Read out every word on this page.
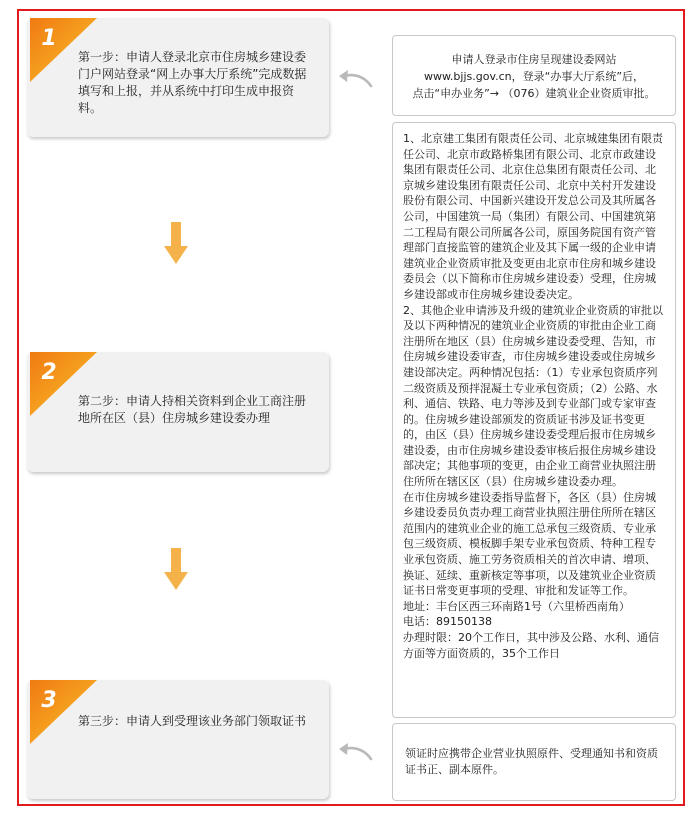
1
第一步：申请人登录北京市住房城乡建设委门户网站登录“网上办事大厅系统”完成数据填写和上报，并从系统中打印生成申报资料。
2
第二步：申请人持相关资料到企业工商注册地所在区（县）住房城乡建设委办理
3
第三步：申请人到受理该业务部门领取证书
申请人登录市住房呈现建设委网站
www.bjjs.gov.cn，登录“办事大厅系统”后，
点击“申办业务”→ （076）建筑业企业资质审批。

1、北京建工集团有限责任公司、北京城建集团有限责任公司、北京市政路桥集团有限公司、北京市政建设集团有限责任公司、北京住总集团有限责任公司、北京城乡建设集团有限责任公司、北京中关村开发建设股份有限公司、中国新兴建设开发总公司及其所属各公司，中国建筑一局（集团）有限公司、中国建筑第二工程局有限公司所属各公司，原国务院国有资产管理部门直接监管的建筑企业及其下属一级的企业申请建筑业企业资质审批及变更由北京市住房和城乡建设委员会（以下简称市住房城乡建设委）受理，住房城乡建设部或市住房城乡建设委决定。

2、其他企业申请涉及升级的建筑业企业资质的审批以及以下两种情况的建筑业企业资质的审批由企业工商注册所在地区（县）住房城乡建设委受理、告知，市住房城乡建设委审查，市住房城乡建设委或住房城乡建设部决定。两种情况包括：（1）专业承包资质序列二级资质及预拌混凝土专业承包资质；（2）公路、水利、通信、铁路、电力等涉及到专业部门或专家审查的。住房城乡建设部颁发的资质证书涉及证书变更的，由区（县）住房城乡建设委受理后报市住房城乡建设委，由市住房城乡建设委审核后报住房城乡建设部决定；其他事项的变更，由企业工商营业执照注册住所所在辖区区（县）住房城乡建设委办理。

在市住房城乡建设委指导监督下，各区（县）住房城乡建设委员负责办理工商营业执照注册住所所在辖区范围内的建筑业企业的施工总承包三级资质、专业承包三级资质、模板脚手架专业承包资质、特种工程专业承包资质、施工劳务资质相关的首次申请、增项、换证、延续、重新核定等事项，以及建筑业企业资质证书日常变更事项的受理、审批和发证等工作。

地址：丰台区西三环南路1号（六里桥西南角）

电话：89150138

办理时限：20个工作日，其中涉及公路、水利、通信方面等方面资质的，35个工作日

领证时应携带企业营业执照原件、受理通知书和资质证书正、副本原件。
